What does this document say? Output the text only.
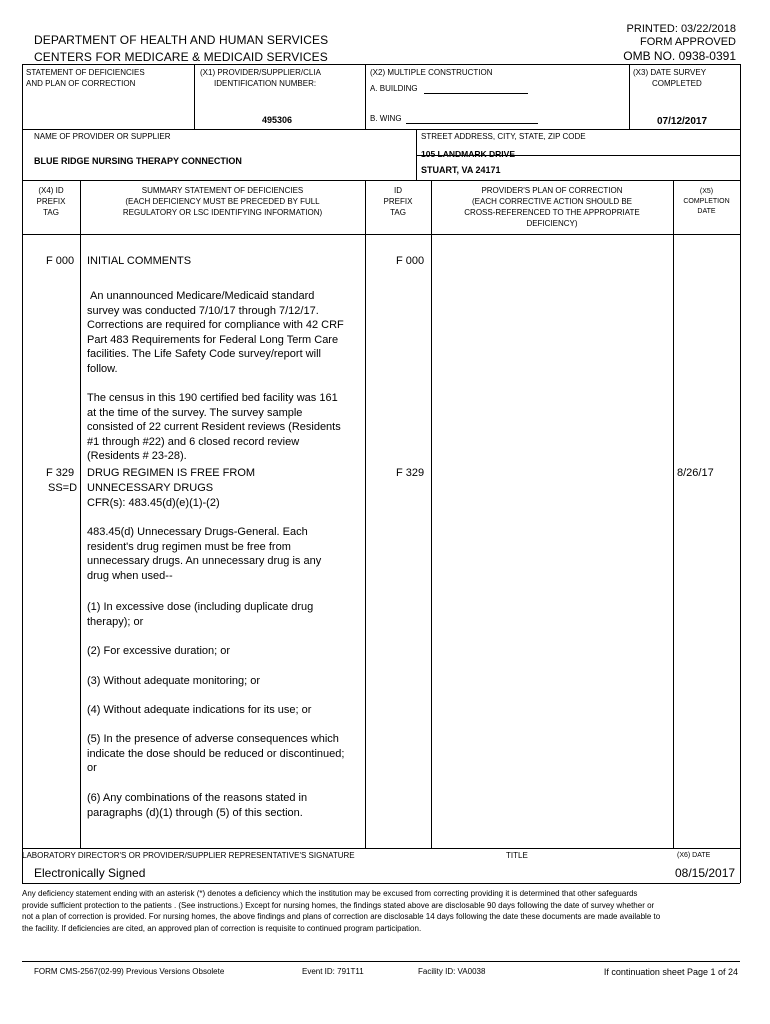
PRINTED: 03/22/2018
FORM APPROVED
OMB NO. 0938-0391
DEPARTMENT OF HEALTH AND HUMAN SERVICES
CENTERS FOR MEDICARE & MEDICAID SERVICES
STATEMENT OF DEFICIENCIES
AND PLAN OF CORRECTION
(X1) PROVIDER/SUPPLIER/CLIA
IDENTIFICATION NUMBER:
495306
(X2) MULTIPLE CONSTRUCTION
A. BUILDING
B. WING
(X3) DATE SURVEY
COMPLETED
07/12/2017
NAME OF PROVIDER OR SUPPLIER
BLUE RIDGE NURSING THERAPY CONNECTION
STREET ADDRESS, CITY, STATE, ZIP CODE
105 LANDMARK DRIVE
STUART, VA 24171
(X4) ID
PREFIX
TAG
SUMMARY STATEMENT OF DEFICIENCIES
(EACH DEFICIENCY MUST BE PRECEDED BY FULL
REGULATORY OR LSC IDENTIFYING INFORMATION)
ID
PREFIX
TAG
PROVIDER'S PLAN OF CORRECTION
(EACH CORRECTIVE ACTION SHOULD BE
CROSS-REFERENCED TO THE APPROPRIATE
DEFICIENCY)
(X5)
COMPLETION
DATE
F 000 INITIAL COMMENTS	F 000
An unannounced Medicare/Medicaid standard survey was conducted 7/10/17 through 7/12/17. Corrections are required for compliance with 42 CRF Part 483 Requirements for Federal Long Term Care facilities. The Life Safety Code survey/report will follow.
The census in this 190 certified bed facility was 161 at the time of the survey. The survey sample consisted of 22 current Resident reviews (Residents #1 through #22) and 6 closed record review (Residents # 23-28).
F 329
SS=D
DRUG REGIMEN IS FREE FROM
UNNECESSARY DRUGS
CFR(s): 483.45(d)(e)(1)-(2)
F 329	8/26/17
483.45(d) Unnecessary Drugs-General. Each resident's drug regimen must be free from unnecessary drugs. An unnecessary drug is any drug when used--
(1) In excessive dose (including duplicate drug therapy); or
(2) For excessive duration; or
(3) Without adequate monitoring; or
(4) Without adequate indications for its use; or
(5) In the presence of adverse consequences which indicate the dose should be reduced or discontinued; or
(6) Any combinations of the reasons stated in paragraphs (d)(1) through (5) of this section.
LABORATORY DIRECTOR'S OR PROVIDER/SUPPLIER REPRESENTATIVE'S SIGNATURE	TITLE	(X6) DATE
Electronically Signed	08/15/2017
Any deficiency statement ending with an asterisk (*) denotes a deficiency which the institution may be excused from correcting providing it is determined that other safeguards provide sufficient protection to the patients . (See instructions.) Except for nursing homes, the findings stated above are disclosable 90 days following the date of survey whether or not a plan of correction is provided. For nursing homes, the above findings and plans of correction are disclosable 14 days following the date these documents are made available to the facility. If deficiencies are cited, an approved plan of correction is requisite to continued program participation.
FORM CMS-2567(02-99) Previous Versions Obsolete	Event ID: 791T11	Facility ID: VA0038	If continuation sheet Page 1 of 24
